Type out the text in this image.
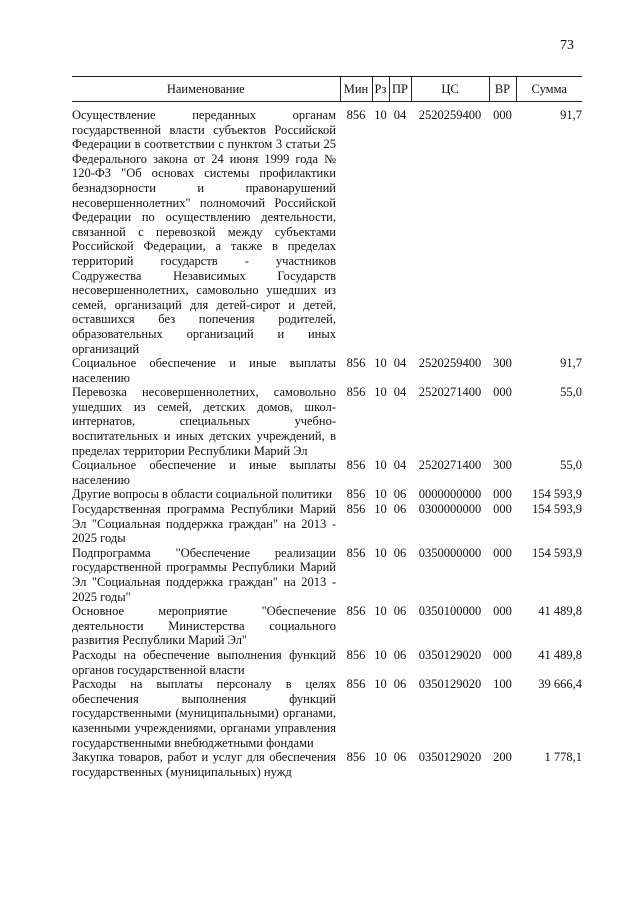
73
Наименование	Мин	Рз	ПР	ЦС	ВР	Сумма
Осуществление переданных органам государственной власти субъектов Российской Федерации в соответствии с пунктом 3 статьи 25 Федерального закона от 24 июня 1999 года № 120-ФЗ "Об основах системы профилактики безнадзорности и правонарушений несовершеннолетних" полномочий Российской Федерации по осуществлению деятельности, связанной с перевозкой между субъектами Российской Федерации, а также в пределах территорий государств - участников Содружества Независимых Государств несовершеннолетних, самовольно ушедших из семей, организаций для детей-сирот и детей, оставшихся без попечения родителей, образовательных организаций и иных организаций	856	10	04	2520259400	000	91,7
Социальное обеспечение и иные выплаты населению	856	10	04	2520259400	300	91,7
Перевозка несовершеннолетних, самовольно ушедших из семей, детских домов, школ-интернатов, специальных учебно-воспитательных и иных детских учреждений, в пределах территории Республики Марий Эл	856	10	04	2520271400	000	55,0
Социальное обеспечение и иные выплаты населению	856	10	04	2520271400	300	55,0
Другие вопросы в области социальной политики	856	10	06	0000000000	000	154 593,9
Государственная программа Республики Марий Эл "Социальная поддержка граждан" на 2013 - 2025 годы	856	10	06	0300000000	000	154 593,9
Подпрограмма "Обеспечение реализации государственной программы Республики Марий Эл "Социальная поддержка граждан" на 2013 - 2025 годы"	856	10	06	0350000000	000	154 593,9
Основное мероприятие "Обеспечение деятельности Министерства социального развития Республики Марий Эл"	856	10	06	0350100000	000	41 489,8
Расходы на обеспечение выполнения функций органов государственной власти	856	10	06	0350129020	000	41 489,8
Расходы на выплаты персоналу в целях обеспечения выполнения функций государственными (муниципальными) органами, казенными учреждениями, органами управления государственными внебюджетными фондами	856	10	06	0350129020	100	39 666,4
Закупка товаров, работ и услуг для обеспечения государственных (муниципальных) нужд	856	10	06	0350129020	200	1 778,1
